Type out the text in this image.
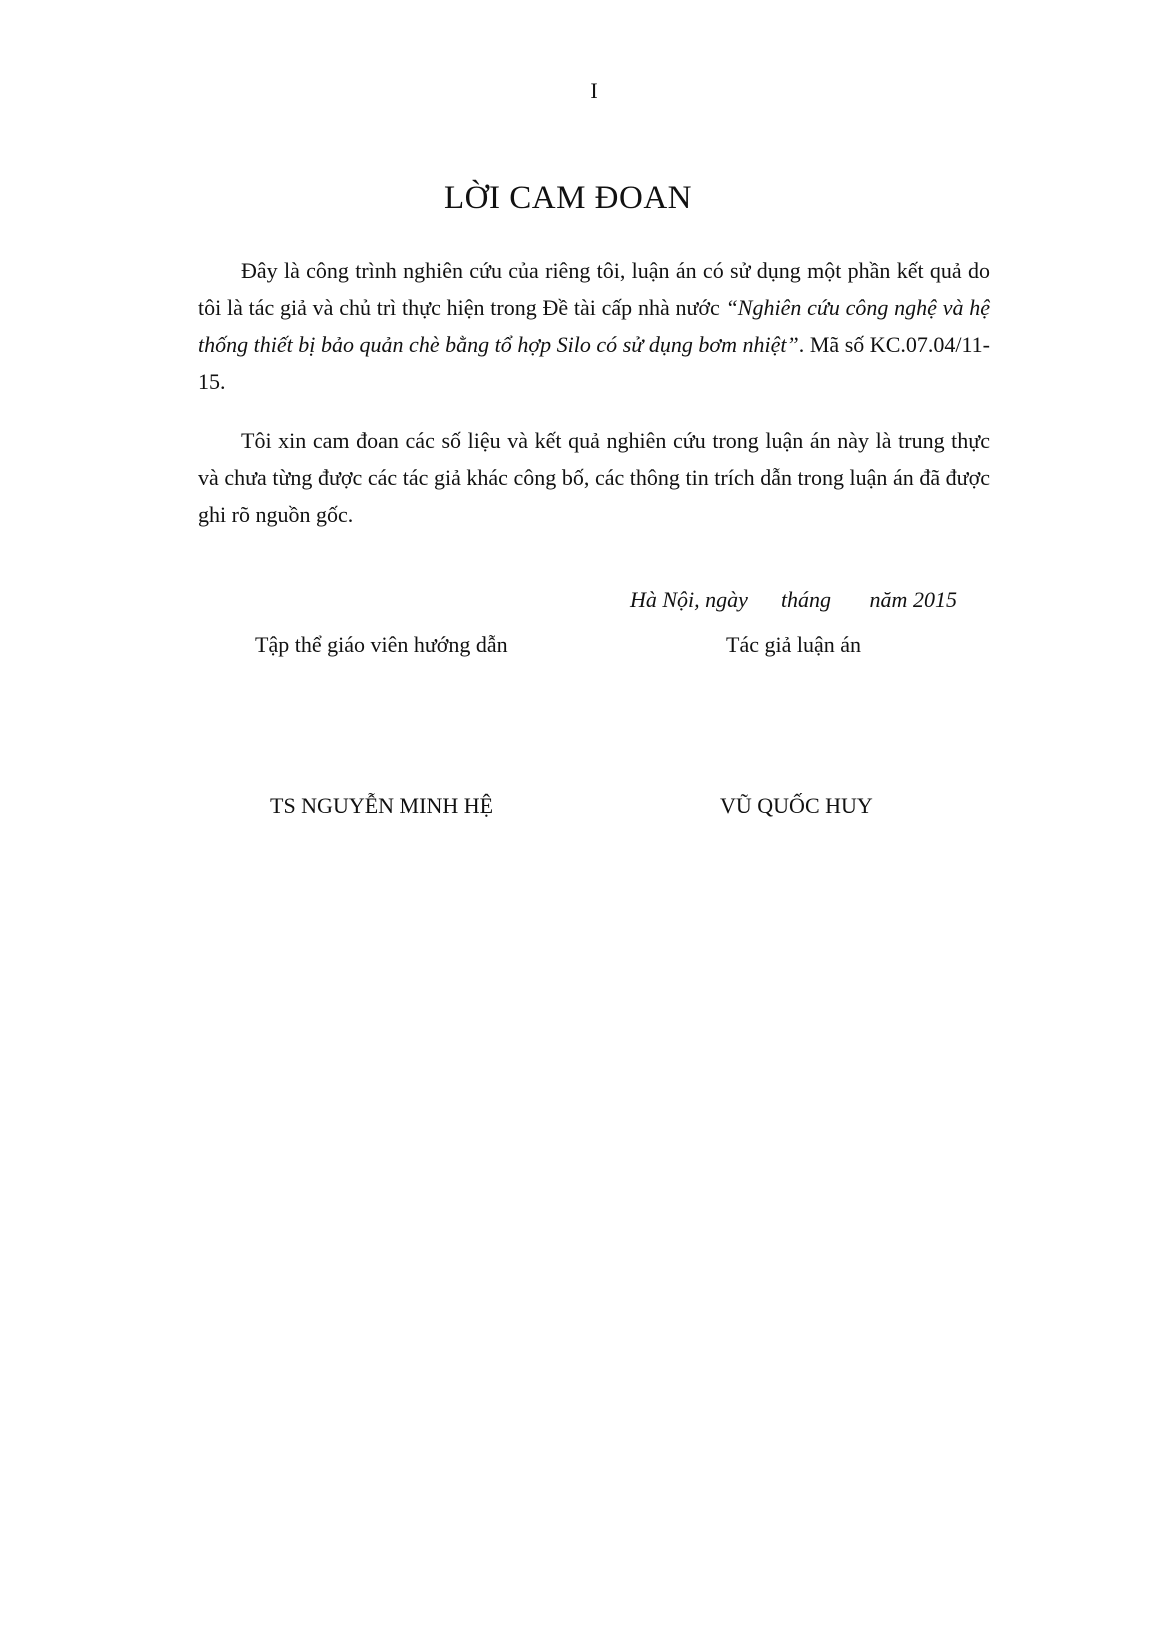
I
LỜI CAM ĐOAN

Đây là công trình nghiên cứu của riêng tôi, luận án có sử dụng một phần kết quả do tôi là tác giả và chủ trì thực hiện trong Đề tài cấp nhà nước “Nghiên cứu công nghệ và hệ thống thiết bị bảo quản chè bằng tổ hợp Silo có sử dụng bơm nhiệt”. Mã số KC.07.04/11-15.

Tôi xin cam đoan các số liệu và kết quả nghiên cứu trong luận án này là trung thực và chưa từng được các tác giả khác công bố, các thông tin trích dẫn trong luận án đã được ghi rõ nguồn gốc.

Hà Nội, ngày      tháng       năm 2015
Tập thể giáo viên hướng dẫn	Tác giả luận án
TS NGUYỄN MINH HỆ	VŨ QUỐC HUY
